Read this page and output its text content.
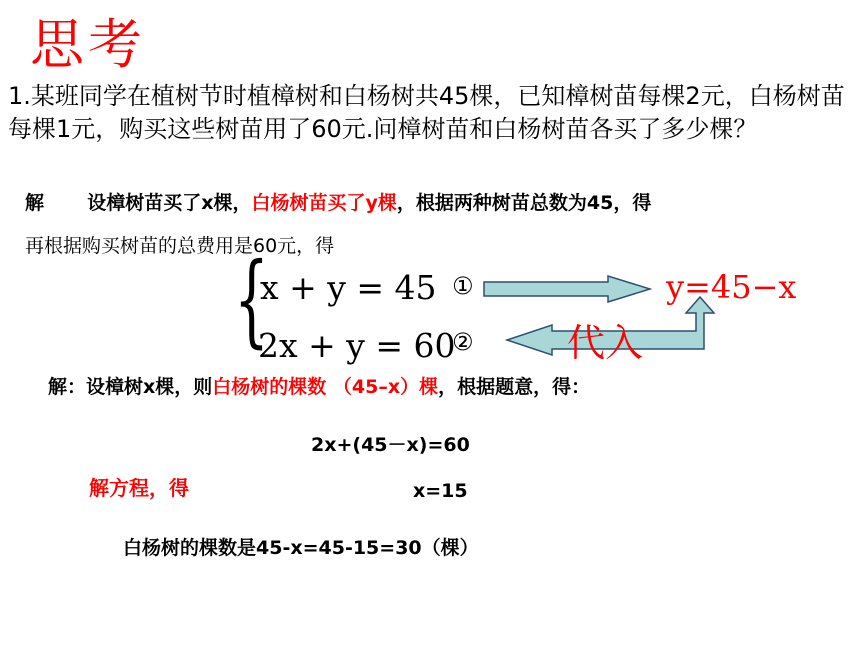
思考
1.某班同学在植树节时植樟树和白杨树共45棵，已知樟树苗每棵2元，白杨树苗每棵1元，购买这些树苗用了60元.问樟树苗和白杨树苗各买了多少棵？
解 设樟树苗买了x棵，白杨树苗买了y棵，根据两种树苗总数为45，得
再根据购买树苗的总费用是60元，得
{
x + y = 45
2x + y = 60
①
②
y=45−x
代入
解：设樟树x棵，则白杨树的棵数 （45–x）棵，根据题意，得：
2x+(45－x)=60
解方程，得	x=15
白杨树的棵数是45-x=45-15=30（棵）
